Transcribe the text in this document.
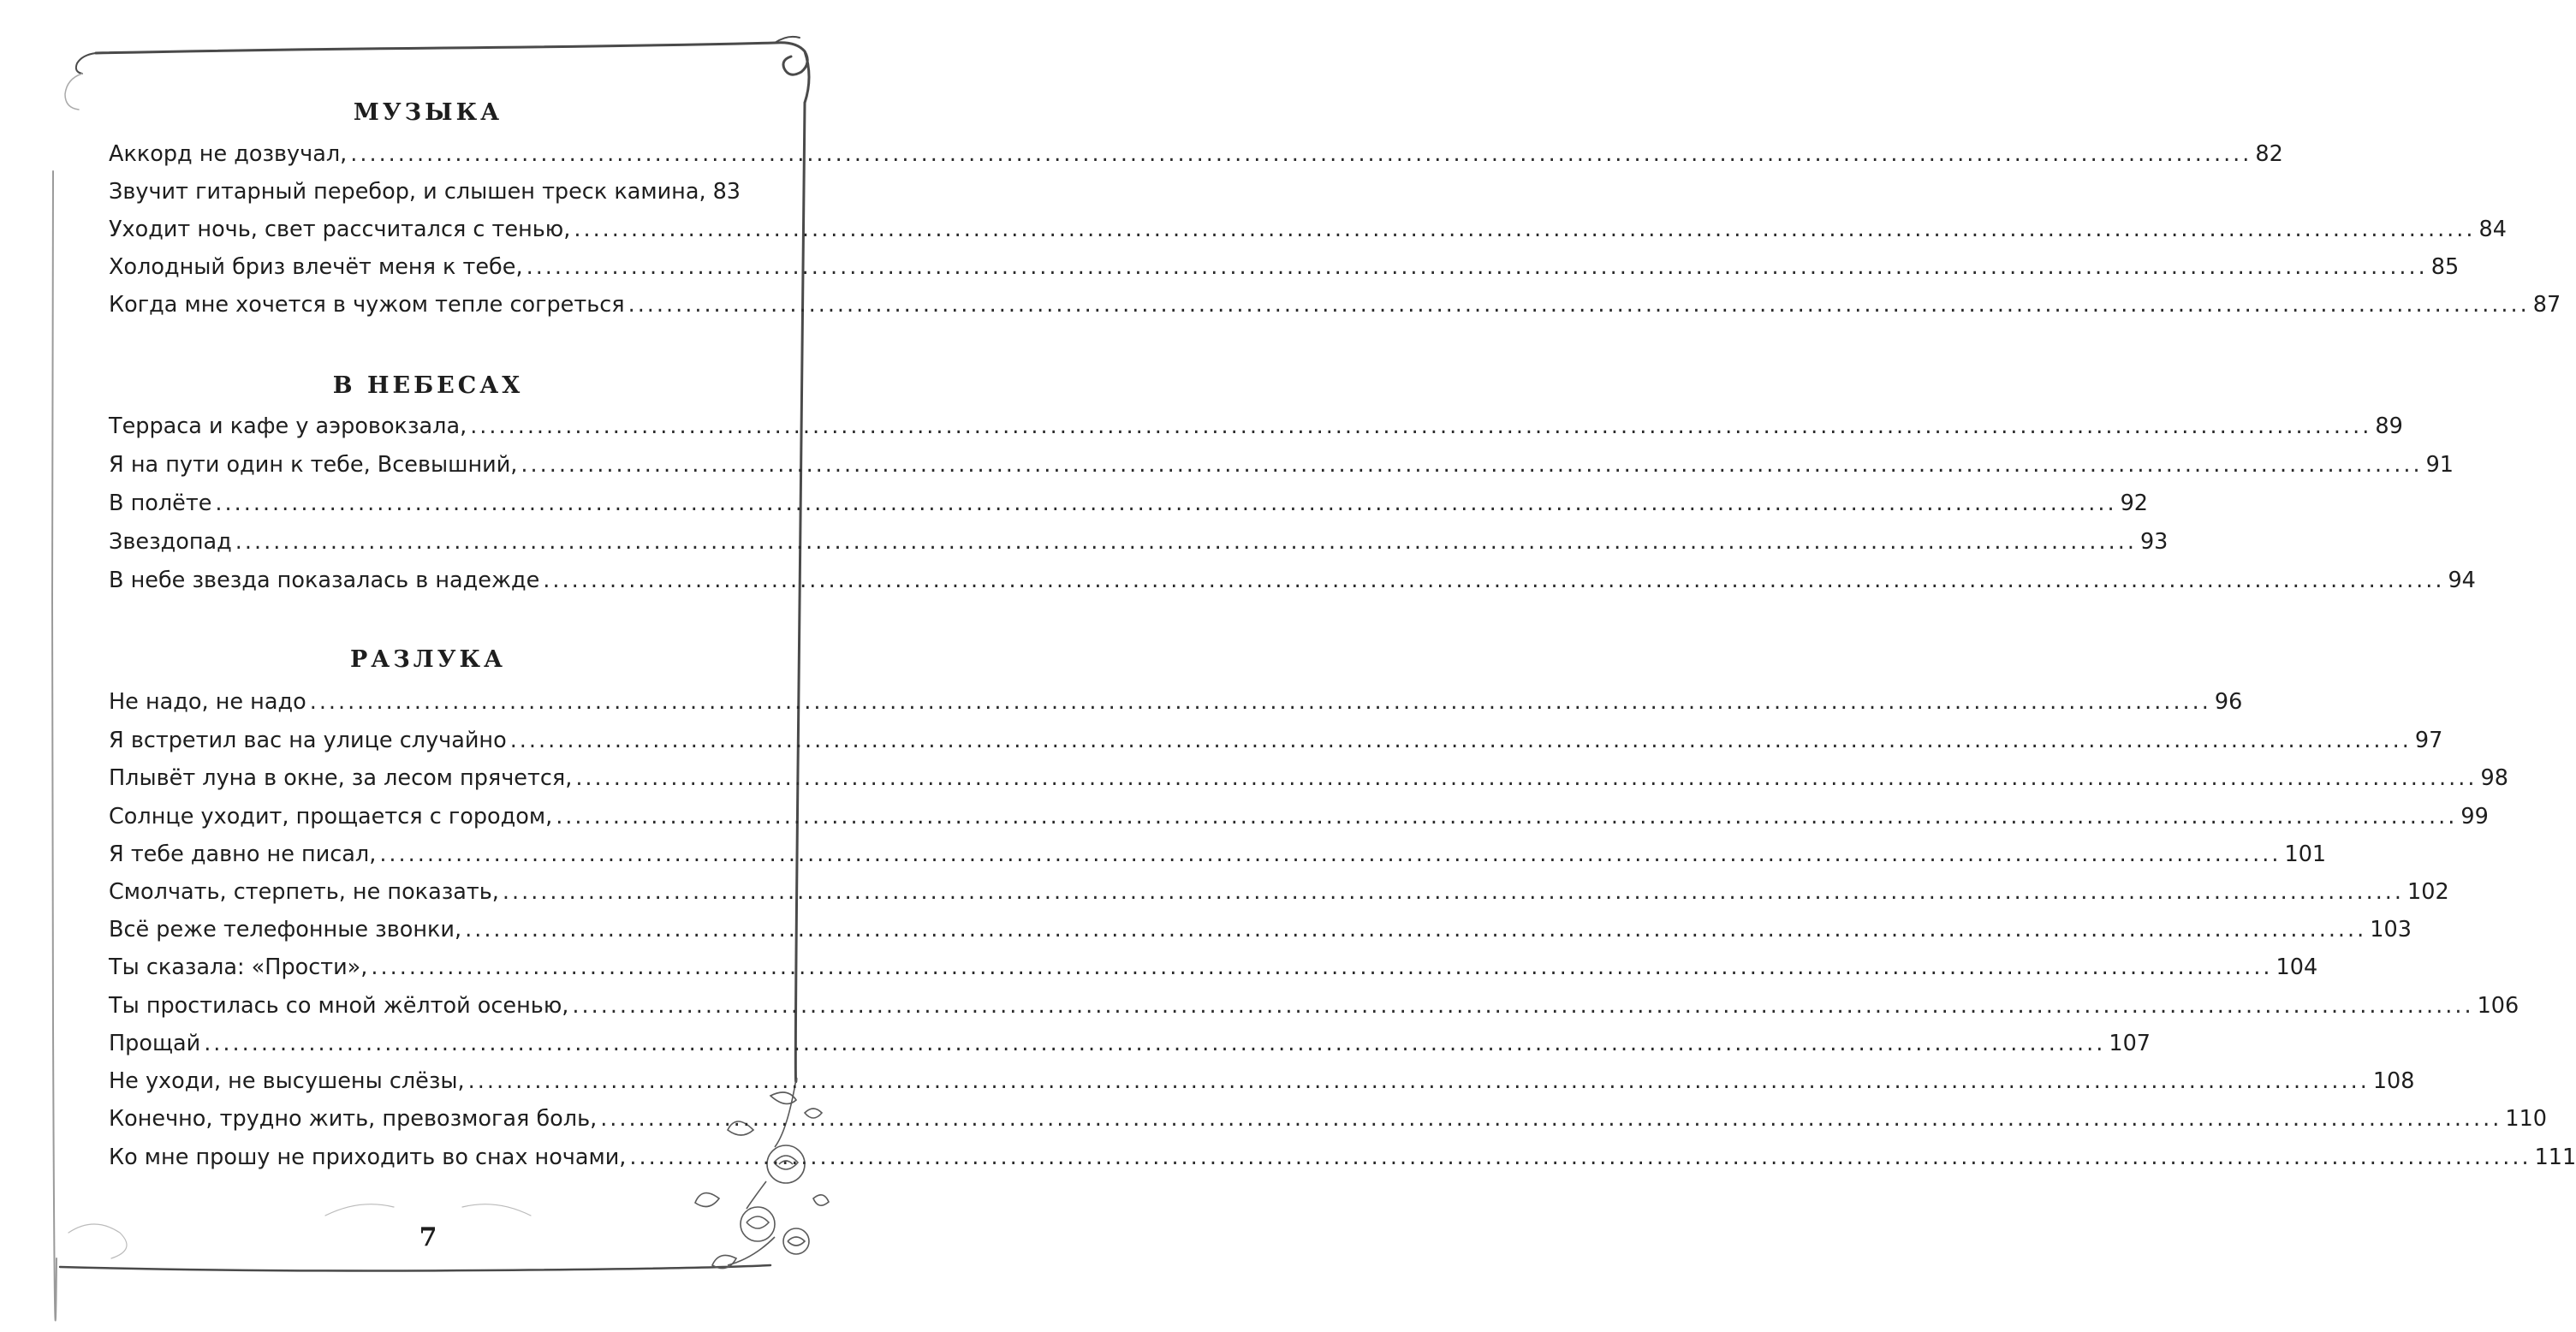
МУЗЫКА
Аккорд не дозвучал, ........................................................................................................................................................................................................ 82
Звучит гитарный перебор, и слышен треск камина, 83
Уходит ночь, свет рассчитался с тенью, ........................................................................................................................................................................................................ 84
Холодный бриз влечёт меня к тебе, ........................................................................................................................................................................................................ 85
Когда мне хочется в чужом тепле согреться ........................................................................................................................................................................................................ 87
В НЕБЕСАХ
Терраса и кафе у аэровокзала, ........................................................................................................................................................................................................ 89
Я на пути один к тебе, Всевышний, ........................................................................................................................................................................................................ 91
В полёте ........................................................................................................................................................................................................ 92
Звездопад ........................................................................................................................................................................................................ 93
В небе звезда показалась в надежде ........................................................................................................................................................................................................ 94
РАЗЛУКА
Не надо, не надо ........................................................................................................................................................................................................ 96
Я встретил вас на улице случайно ........................................................................................................................................................................................................ 97
Плывёт луна в окне, за лесом прячется, ........................................................................................................................................................................................................ 98
Солнце уходит, прощается с городом, ........................................................................................................................................................................................................ 99
Я тебе давно не писал, ........................................................................................................................................................................................................ 101
Смолчать, стерпеть, не показать, ........................................................................................................................................................................................................ 102
Всё реже телефонные звонки, ........................................................................................................................................................................................................ 103
Ты сказала: «Прости», ........................................................................................................................................................................................................ 104
Ты простилась со мной жёлтой осенью, ........................................................................................................................................................................................................ 106
Прощай ........................................................................................................................................................................................................ 107
Не уходи, не высушены слёзы, ........................................................................................................................................................................................................ 108
Конечно, трудно жить, превозмогая боль, ........................................................................................................................................................................................................ 110
Ко мне прошу не приходить во снах ночами, ........................................................................................................................................................................................................ 111
7
